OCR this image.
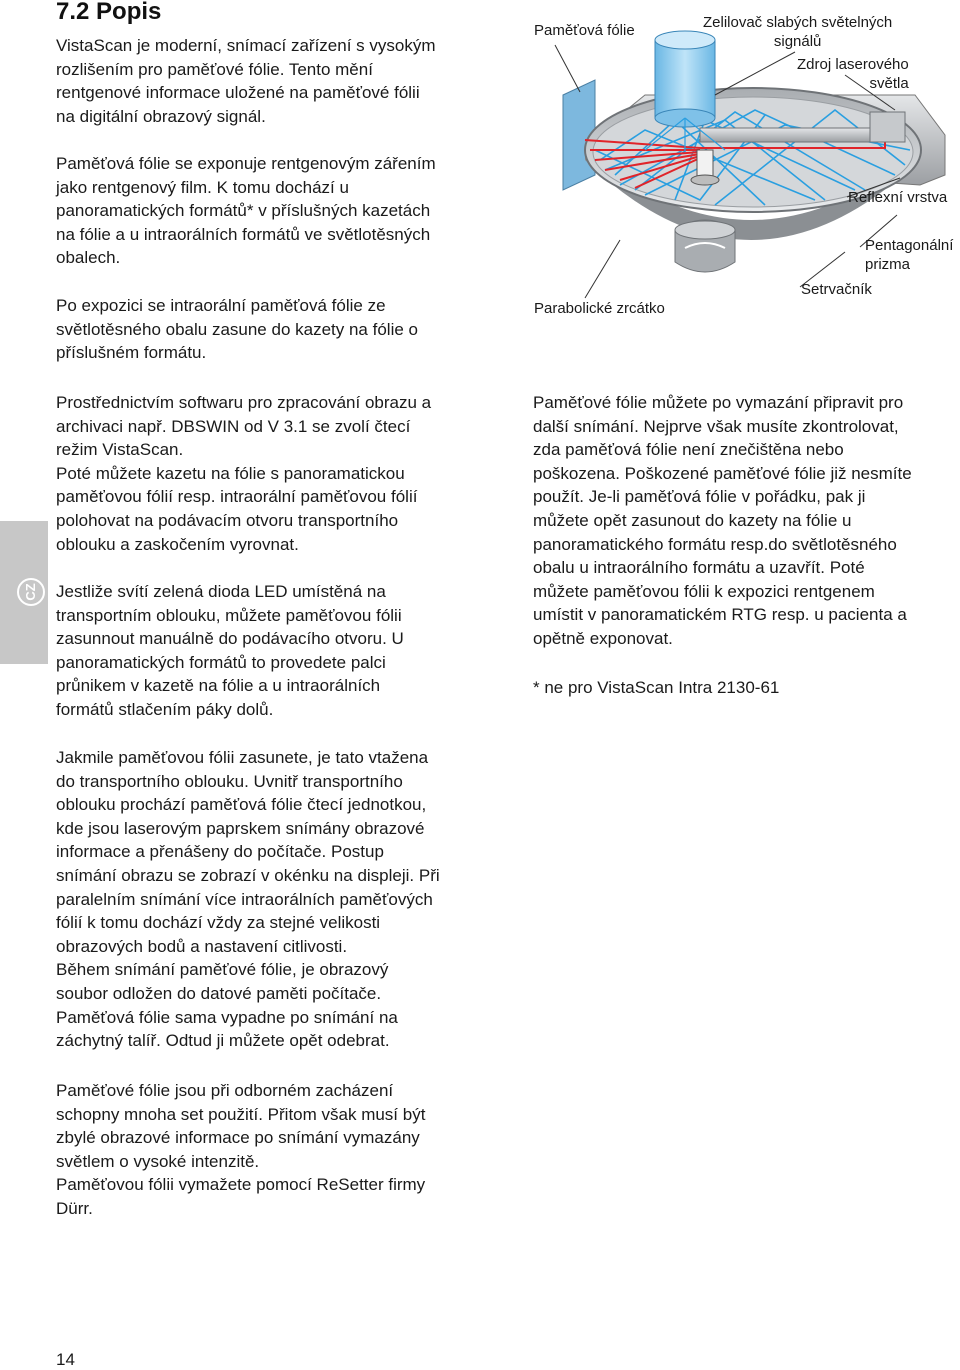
7.2 Popis

VistaScan je moderní, snímací zařízení s vysokým
rozlišením pro paměťové fólie. Tento mění
rentgenové informace uložené na paměťové fólii
na digitální obrazový signál.

Paměťová fólie se exponuje rentgenovým zářením
jako rentgenový film. K tomu dochází u
panoramatických formátů* v příslušných kazetách
na fólie a u intraorálních formátů ve světlotěsných
obalech.

Po expozici se intraorální paměťová fólie ze
světlotěsného obalu zasune do kazety na fólie o
příslušném formátu.

Prostřednictvím softwaru pro zpracování obrazu a
archivaci např. DBSWIN od V 3.1 se zvolí čtecí
režim VistaScan.
Poté můžete kazetu na fólie s panoramatickou
paměťovou fólií resp. intraorální paměťovou fólií
polohovat na podávacím otvoru transportního
oblouku a zaskočením vyrovnat.

Jestliže svítí zelená dioda LED umístěná na
transportním oblouku, můžete paměťovou fólii
zasunnout manuálně do podávacího otvoru. U
panoramatických formátů to provedete palci
průnikem v kazetě na fólie a u intraorálních
formátů stlačením páky dolů.

Jakmile paměťovou fólii zasunete, je tato vtažena
do transportního oblouku. Uvnitř transportního
oblouku prochází paměťová fólie čtecí jednotkou,
kde jsou laserovým paprskem snímány obrazové
informace a přenášeny do počítače. Postup
snímání obrazu se zobrazí v okénku na displeji. Při
paralelním snímání více intraorálních paměťových
fólií k tomu dochází vždy za stejné velikosti
obrazových bodů a nastavení citlivosti.
Během snímání paměťové fólie, je obrazový
soubor odložen do datové paměti počítače.
Paměťová fólie sama vypadne po snímání na
záchytný talíř. Odtud ji můžete opět odebrat.

Paměťové fólie jsou při odborném zacházení
schopny mnoha set použití. Přitom však musí být
zbylé obrazové informace po snímání vymazány
světlem o vysoké intenzitě.
Paměťovou fólii vymažete pomocí ReSetter firmy
Dürr.

Paměťové fólie můžete po vymazání připravit pro
další snímání. Nejprve však musíte zkontrolovat,
zda paměťová fólie není znečištěna nebo
poškozena. Poškozené paměťové fólie již nesmíte
použít. Je-li paměťová fólie v pořádku, pak ji
můžete opět zasunout do kazety na fólie u
panoramatického formátu resp.do světlotěsného
obalu u intraorálního formátu a uzavřít. Poté
můžete paměťovou fólii k expozici rentgenem
umístit v panoramatickém RTG resp. u pacienta a
opětně exponovat.

* ne pro VistaScan Intra 2130-61

Paměťová fólie	Zelilovač slabých světelných
signálů
Zdroj laserového
světla
Reflexní vrstva
Pentagonální
prizma
Setrvačník
Parabolické zrcátko
CZ

14
